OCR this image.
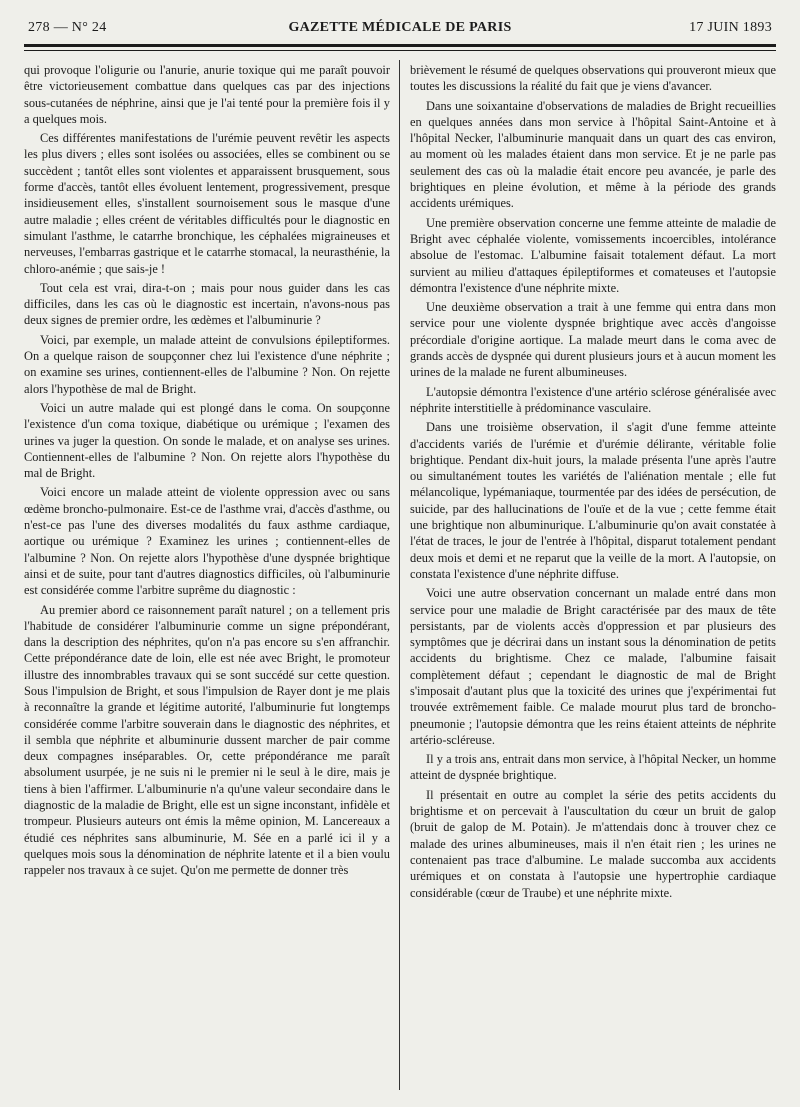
278 — N° 24	GAZETTE MÉDICALE DE PARIS	17 JUIN 1893

qui provoque l'oligurie ou l'anurie, anurie toxique qui me paraît pouvoir être victorieusement combattue dans quelques cas par des injections sous-cutanées de néphrine, ainsi que je l'ai tenté pour la première fois il y a quelques mois.

Ces différentes manifestations de l'urémie peuvent revêtir les aspects les plus divers ; elles sont isolées ou associées, elles se combinent ou se succèdent ; tantôt elles sont violentes et apparaissent brusquement, sous forme d'accès, tantôt elles évoluent lentement, progressivement, presque insidieusement elles, s'installent sournoisement sous le masque d'une autre maladie ; elles créent de véritables difficultés pour le diagnostic en simulant l'asthme, le catarrhe bronchique, les céphalées migraineuses et nerveuses, l'embarras gastrique et le catarrhe stomacal, la neurasthénie, la chloro-anémie ; que sais-je !

Tout cela est vrai, dira-t-on ; mais pour nous guider dans les cas difficiles, dans les cas où le diagnostic est incertain, n'avons-nous pas deux signes de premier ordre, les œdèmes et l'albuminurie ?

Voici, par exemple, un malade atteint de convulsions épileptiformes. On a quelque raison de soupçonner chez lui l'existence d'une néphrite ; on examine ses urines, contiennent-elles de l'albumine ? Non. On rejette alors l'hypothèse de mal de Bright.

Voici un autre malade qui est plongé dans le coma. On soupçonne l'existence d'un coma toxique, diabétique ou urémique ; l'examen des urines va juger la question. On sonde le malade, et on analyse ses urines. Contiennent-elles de l'albumine ? Non. On rejette alors l'hypothèse du mal de Bright.

Voici encore un malade atteint de violente oppression avec ou sans œdème broncho-pulmonaire. Est-ce de l'asthme vrai, d'accès d'asthme, ou n'est-ce pas l'une des diverses modalités du faux asthme cardiaque, aortique ou urémique ? Examinez les urines ; contiennent-elles de l'albumine ? Non. On rejette alors l'hypothèse d'une dyspnée brightique ainsi et de suite, pour tant d'autres diagnostics difficiles, où l'albuminurie est considérée comme l'arbitre suprême du diagnostic :

Au premier abord ce raisonnement paraît naturel ; on a tellement pris l'habitude de considérer l'albuminurie comme un signe prépondérant, dans la description des néphrites, qu'on n'a pas encore su s'en affranchir. Cette prépondérance date de loin, elle est née avec Bright, le promoteur illustre des innombrables travaux qui se sont succédé sur cette question. Sous l'impulsion de Bright, et sous l'impulsion de Rayer dont je me plais à reconnaître la grande et légitime autorité, l'albuminurie fut longtemps considérée comme l'arbitre souverain dans le diagnostic des néphrites, et il sembla que néphrite et albuminurie dussent marcher de pair comme deux compagnes inséparables. Or, cette prépondérance me paraît absolument usurpée, je ne suis ni le premier ni le seul à le dire, mais je tiens à bien l'affirmer. L'albuminurie n'a qu'une valeur secondaire dans le diagnostic de la maladie de Bright, elle est un signe inconstant, infidèle et trompeur. Plusieurs auteurs ont émis la même opinion, M. Lancereaux a étudié ces néphrites sans albuminurie, M. Sée en a parlé ici il y a quelques mois sous la dénomination de néphrite latente et il a bien voulu rappeler nos travaux à ce sujet. Qu'on me permette de donner très

brièvement le résumé de quelques observations qui prouveront mieux que toutes les discussions la réalité du fait que je viens d'avancer.

Dans une soixantaine d'observations de maladies de Bright recueillies en quelques années dans mon service à l'hôpital Saint-Antoine et à l'hôpital Necker, l'albuminurie manquait dans un quart des cas environ, au moment où les malades étaient dans mon service. Et je ne parle pas seulement des cas où la maladie était encore peu avancée, je parle des brightiques en pleine évolution, et même à la période des grands accidents urémiques.

Une première observation concerne une femme atteinte de maladie de Bright avec céphalée violente, vomissements incoercibles, intolérance absolue de l'estomac. L'albumine faisait totalement défaut. La mort survient au milieu d'attaques épileptiformes et comateuses et l'autopsie démontra l'existence d'une néphrite mixte.

Une deuxième observation a trait à une femme qui entra dans mon service pour une violente dyspnée brightique avec accès d'angoisse précordiale d'origine aortique. La malade meurt dans le coma avec de grands accès de dyspnée qui durent plusieurs jours et à aucun moment les urines de la malade ne furent albumineuses.

L'autopsie démontra l'existence d'une artério sclérose généralisée avec néphrite interstitielle à prédominance vasculaire.

Dans une troisième observation, il s'agit d'une femme atteinte d'accidents variés de l'urémie et d'urémie délirante, véritable folie brightique. Pendant dix-huit jours, la malade présenta l'une après l'autre ou simultanément toutes les variétés de l'aliénation mentale ; elle fut mélancolique, lypémaniaque, tourmentée par des idées de persécution, de suicide, par des hallucinations de l'ouïe et de la vue ; cette femme était une brightique non albuminurique. L'albuminurie qu'on avait constatée à l'état de traces, le jour de l'entrée à l'hôpital, disparut totalement pendant deux mois et demi et ne reparut que la veille de la mort. A l'autopsie, on constata l'existence d'une néphrite diffuse.

Voici une autre observation concernant un malade entré dans mon service pour une maladie de Bright caractérisée par des maux de tête persistants, par de violents accès d'oppression et par plusieurs des symptômes que je décrirai dans un instant sous la dénomination de petits accidents du brightisme. Chez ce malade, l'albumine faisait complètement défaut ; cependant le diagnostic de mal de Bright s'imposait d'autant plus que la toxicité des urines que j'expérimentai fut trouvée extrêmement faible. Ce malade mourut plus tard de broncho-pneumonie ; l'autopsie démontra que les reins étaient atteints de néphrite artério-scléreuse.

Il y a trois ans, entrait dans mon service, à l'hôpital Necker, un homme atteint de dyspnée brightique.

Il présentait en outre au complet la série des petits accidents du brightisme et on percevait à l'auscultation du cœur un bruit de galop (bruit de galop de M. Potain). Je m'attendais donc à trouver chez ce malade des urines albumineuses, mais il n'en était rien ; les urines ne contenaient pas trace d'albumine. Le malade succomba aux accidents urémiques et on constata à l'autopsie une hypertrophie cardiaque considérable (cœur de Traube) et une néphrite mixte.
